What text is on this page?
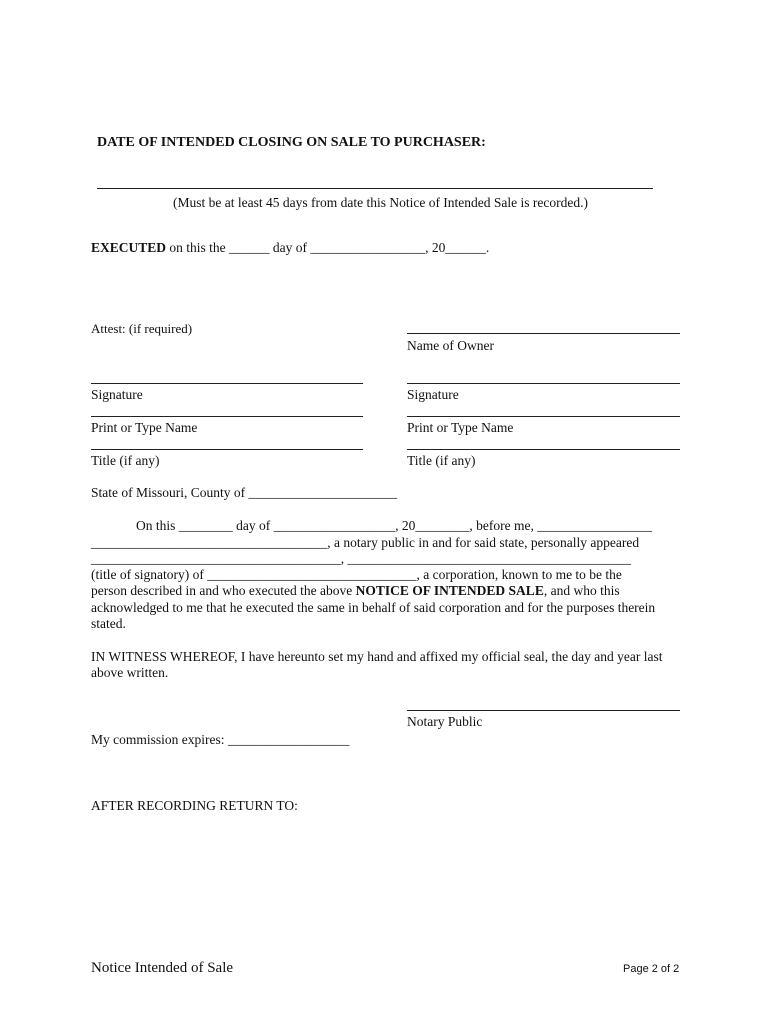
DATE OF INTENDED CLOSING ON SALE TO PURCHASER:
(Must be at least 45 days from date this Notice of Intended Sale is recorded.)
EXECUTED on this the ______ day of _________________, 20______.
Attest: (if required)
Name of Owner
Signature	Signature
Print or Type Name	Print or Type Name
Title (if any)	Title (if any)
State of Missouri, County of ______________________
On this ________ day of __________________, 20________, before me, _________________
___________________________________, a notary public in and for said state, personally appeared
_____________________________________, __________________________________________
(title of signatory) of _______________________________, a corporation, known to me to be the
person described in and who executed the above NOTICE OF INTENDED SALE, and who this
acknowledged to me that he executed the same in behalf of said corporation and for the purposes therein
stated.
IN WITNESS WHEREOF, I have hereunto set my hand and affixed my official seal, the day and year last
above written.
Notary Public
My commission expires: __________________
AFTER RECORDING RETURN TO:
Notice Intended of Sale	Page 2 of 2
